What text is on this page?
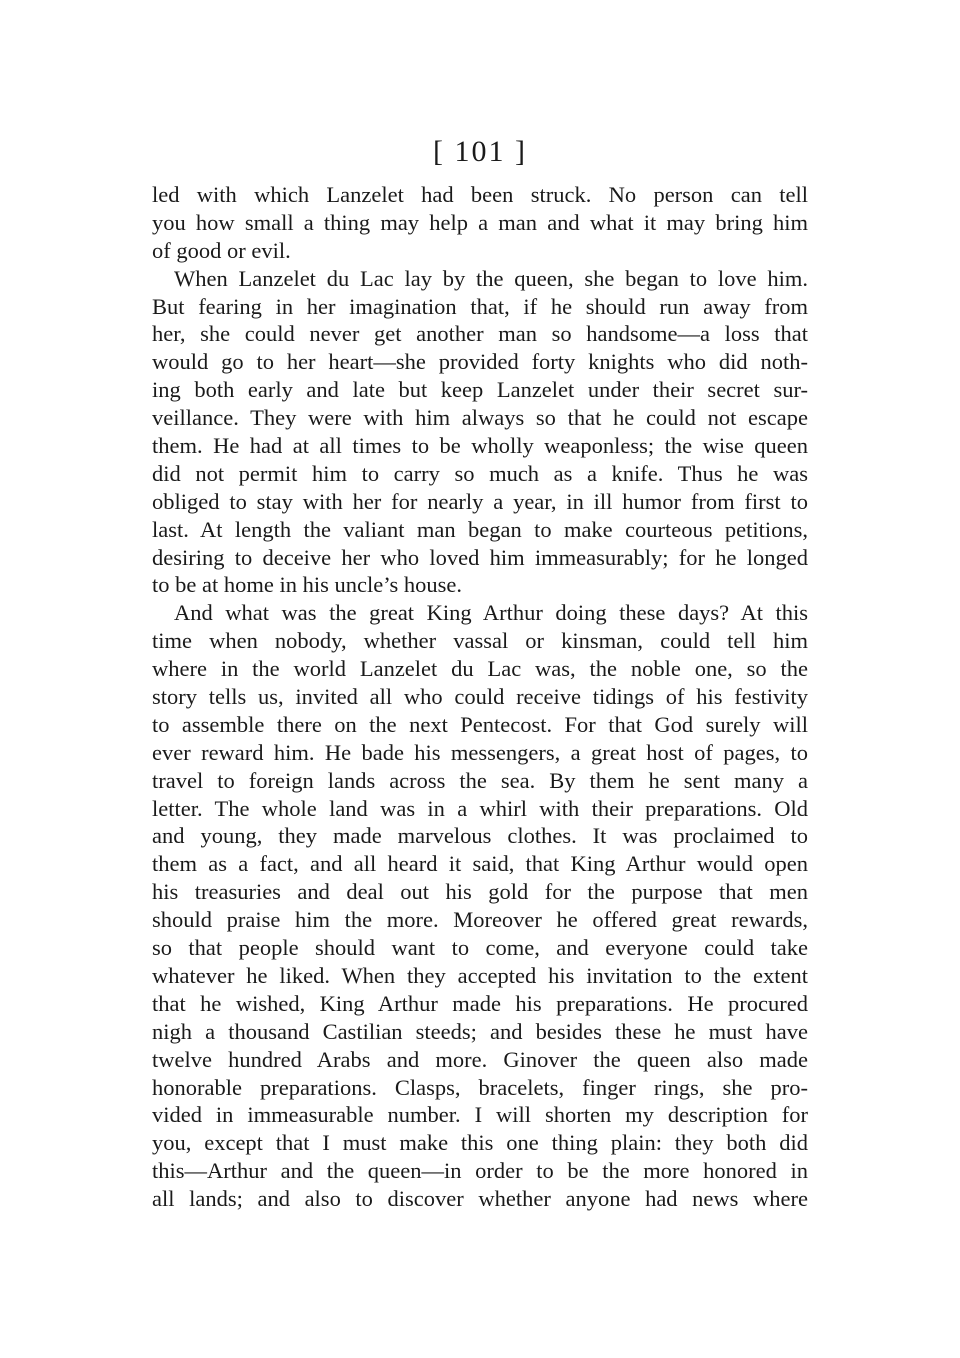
[ 101 ]
led with which Lanzelet had been struck. No person can tell
you how small a thing may help a man and what it may bring him
of good or evil.
When Lanzelet du Lac lay by the queen, she began to love him.
But fearing in her imagination that, if he should run away from
her, she could never get another man so handsome—a loss that
would go to her heart—she provided forty knights who did noth-
ing both early and late but keep Lanzelet under their secret sur-
veillance. They were with him always so that he could not escape
them. He had at all times to be wholly weaponless; the wise queen
did not permit him to carry so much as a knife. Thus he was
obliged to stay with her for nearly a year, in ill humor from first to
last. At length the valiant man began to make courteous petitions,
desiring to deceive her who loved him immeasurably; for he longed
to be at home in his uncle’s house.
And what was the great King Arthur doing these days? At this
time when nobody, whether vassal or kinsman, could tell him
where in the world Lanzelet du Lac was, the noble one, so the
story tells us, invited all who could receive tidings of his festivity
to assemble there on the next Pentecost. For that God surely will
ever reward him. He bade his messengers, a great host of pages, to
travel to foreign lands across the sea. By them he sent many a
letter. The whole land was in a whirl with their preparations. Old
and young, they made marvelous clothes. It was proclaimed to
them as a fact, and all heard it said, that King Arthur would open
his treasuries and deal out his gold for the purpose that men
should praise him the more. Moreover he offered great rewards,
so that people should want to come, and everyone could take
whatever he liked. When they accepted his invitation to the extent
that he wished, King Arthur made his preparations. He procured
nigh a thousand Castilian steeds; and besides these he must have
twelve hundred Arabs and more. Ginover the queen also made
honorable preparations. Clasps, bracelets, finger rings, she pro-
vided in immeasurable number. I will shorten my description for
you, except that I must make this one thing plain: they both did
this—Arthur and the queen—in order to be the more honored in
all lands; and also to discover whether anyone had news where
